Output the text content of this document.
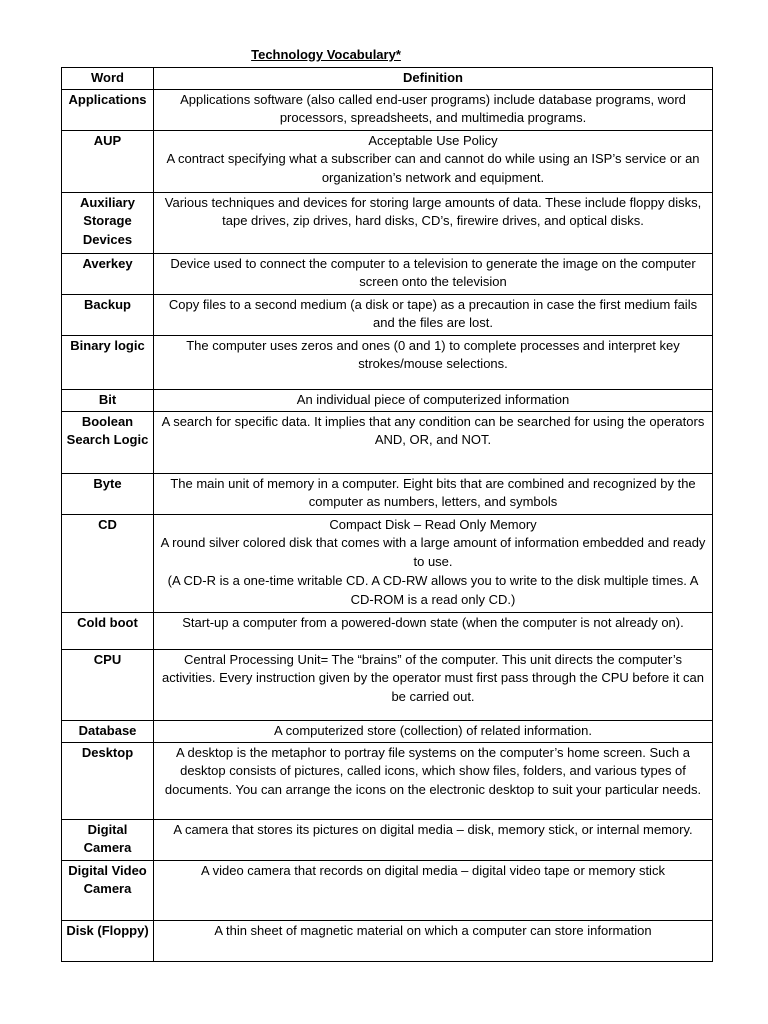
Technology Vocabulary*
Word	Definition
Applications	Applications software (also called end-user programs) include database programs, word processors, spreadsheets, and multimedia programs.

AUP	Acceptable Use Policy
A contract specifying what a subscriber can and cannot do while using an ISP’s service or an organization’s network and equipment.

Auxiliary Storage Devices	Various techniques and devices for storing large amounts of data. These include floppy disks, tape drives, zip drives, hard disks, CD’s, firewire drives, and optical disks.

Averkey	Device used to connect the computer to a television to generate the image on the computer screen onto the television

Backup	Copy files to a second medium (a disk or tape) as a precaution in case the first medium fails and the files are lost.

Binary logic	The computer uses zeros and ones (0 and 1) to complete processes and interpret key strokes/mouse selections.

Bit	An individual piece of computerized information

Boolean Search Logic	A search for specific data. It implies that any condition can be searched for using the operators AND, OR, and NOT.

Byte	The main unit of memory in a computer. Eight bits that are combined and recognized by the computer as numbers, letters, and symbols

CD	Compact Disk – Read Only Memory
A round silver colored disk that comes with a large amount of information embedded and ready to use.
(A CD-R is a one-time writable CD. A CD-RW allows you to write to the disk multiple times. A CD-ROM is a read only CD.)

Cold boot	Start-up a computer from a powered-down state (when the computer is not already on).

CPU	Central Processing Unit= The “brains” of the computer. This unit directs the computer’s activities. Every instruction given by the operator must first pass through the CPU before it can be carried out.

Database	A computerized store (collection) of related information.

Desktop	A desktop is the metaphor to portray file systems on the computer’s home screen. Such a desktop consists of pictures, called icons, which show files, folders, and various types of documents. You can arrange the icons on the electronic desktop to suit your particular needs.

Digital Camera	A camera that stores its pictures on digital media – disk, memory stick, or internal memory.

Digital Video Camera	A video camera that records on digital media – digital video tape or memory stick

Disk (Floppy)	A thin sheet of magnetic material on which a computer can store information
